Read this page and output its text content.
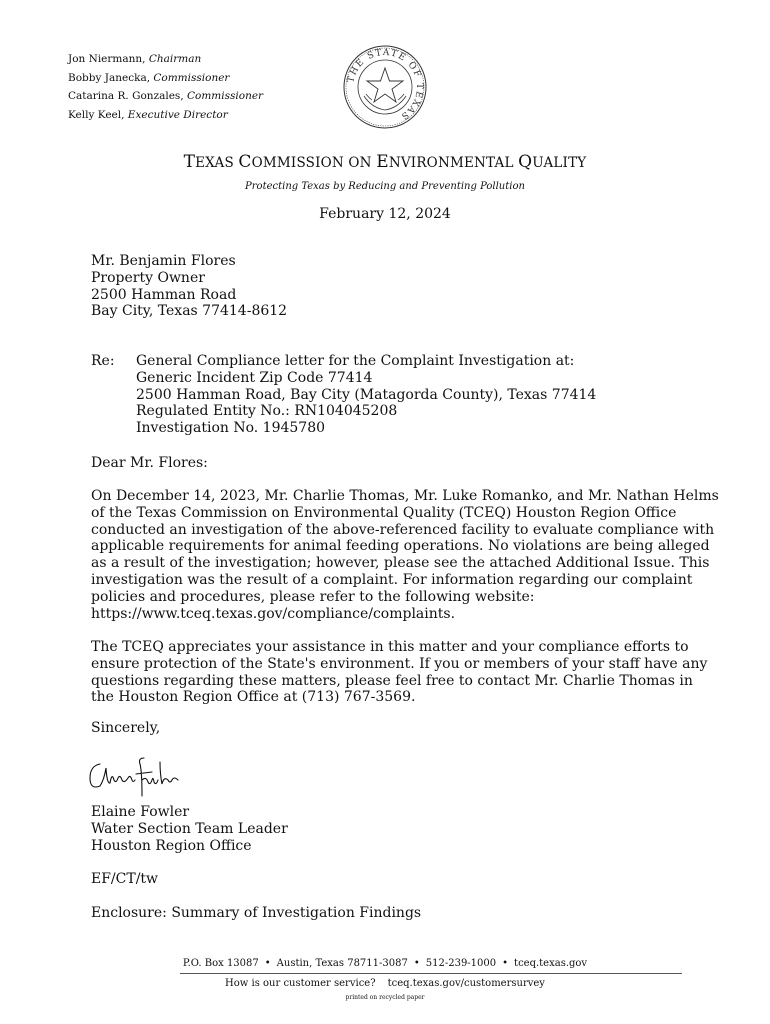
Jon Niermann, Chairman
Bobby Janecka, Commissioner
Catarina R. Gonzales, Commissioner
Kelly Keel, Executive Director
THE STATE OF TEXAS
TEXAS COMMISSION ON ENVIRONMENTAL QUALITY
Protecting Texas by Reducing and Preventing Pollution
February 12, 2024
Mr. Benjamin Flores
Property Owner
2500 Hamman Road
Bay City, Texas 77414-8612
Re: General Compliance letter for the Complaint Investigation at:
Generic Incident Zip Code 77414
2500 Hamman Road, Bay City (Matagorda County), Texas 77414
Regulated Entity No.: RN104045208
Investigation No. 1945780
Dear Mr. Flores:
On December 14, 2023, Mr. Charlie Thomas, Mr. Luke Romanko, and Mr. Nathan Helms
of the Texas Commission on Environmental Quality (TCEQ) Houston Region Office
conducted an investigation of the above-referenced facility to evaluate compliance with
applicable requirements for animal feeding operations. No violations are being alleged
as a result of the investigation; however, please see the attached Additional Issue. This
investigation was the result of a complaint. For information regarding our complaint
policies and procedures, please refer to the following website:
https://www.tceq.texas.gov/compliance/complaints.
The TCEQ appreciates your assistance in this matter and your compliance efforts to
ensure protection of the State's environment. If you or members of your staff have any
questions regarding these matters, please feel free to contact Mr. Charlie Thomas in
the Houston Region Office at (713) 767-3569.
Sincerely,
Elaine Fowler
Water Section Team Leader
Houston Region Office
EF/CT/tw
Enclosure: Summary of Investigation Findings
P.O. Box 13087 • Austin, Texas 78711-3087 • 512-239-1000 • tceq.texas.gov
How is our customer service? tceq.texas.gov/customersurvey
printed on recycled paper
